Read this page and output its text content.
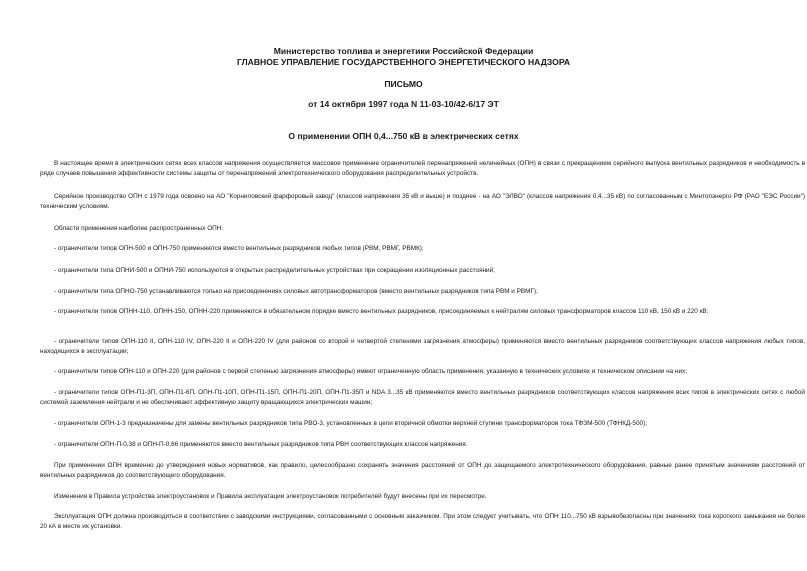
Министерство топлива и энергетики Российской Федерации
ГЛАВНОЕ УПРАВЛЕНИЕ ГОСУДАРСТВЕННОГО ЭНЕРГЕТИЧЕСКОГО НАДЗОРА
ПИСЬМО
от 14 октября 1997 года N 11-03-10/42-6/17 ЭТ
О применении ОПН 0,4...750 кВ в электрических сетях

В настоящее время в электрических сетях всех классов напряжения осуществляется массовое применение ограничителей перенапряжений нелинейных (ОПН) в связи с прекращением серийного выпуска вентильных разрядников и необходимость в ряде случаев повышения эффективности системы защиты от перенапряжений электротехнического оборудования распределительных устройств.

Серийное производство ОПН с 1979 года освоено на АО "Корниловский фарфоровый завод" (классов напряжения 35 кВ и выше) и позднее - на АО "ЭЛВО" (классов напряжения 0,4...35 кВ) по согласованным с Минтопэнерго РФ (РАО "ЕЭС России") техническим условиям.

Области применения наиболее распространенных ОПН:

- ограничители типов ОПН-500 и ОПН-750 применяются вместо вентильных разрядников любых типов (РВМ, РВМГ, РВМК);

- ограничители типа ОПНИ-500 и ОПНИ-750 используются в открытых распределительных устройствах при сокращении изоляционных расстояний;

- ограничители типа ОПНО-750 устанавливаются только на присоединениях силовых автотрансформаторов (вместо вентильных разрядников типа РВМ и РВМГ);

- ограничители типов ОПНН-110, ОПНН-150, ОПНН-220 применяются в обязательном порядке вместо вентильных разрядников, присоединяемых к нейтралям силовых трансформаторов классов 110 кВ, 150 кВ и 220 кВ;

- ограничители типов ОПН-110 II, ОПН-110 IV, ОПН-220 II и ОПН-220 IV (для районов со второй и четвертой степенями загрязнения атмосферы) применяются вместо вентильных разрядников соответствующих классов напряжения любых типов, находящихся в эксплуатации;

- ограничители типов ОПН-110 и ОПН-220 (для районов с первой степенью загрязнения атмосферы) имеют ограниченную область применения, указанную в технических условиях и техническом описании на них;

- ограничители типов ОПН-П1-3П, ОПН-П1-6П, ОПН-П1-10П, ОПН-П1-15П, ОПН-П1-20П, ОПН-П1-35П и NDA 3...35 кВ применяются вместо вентильных разрядников соответствующих классов напряжения всех типов в электрических сетях с любой системой заземления нейтрали и не обеспечивают эффективную защиту вращающихся электрических машин;

- ограничители ОПН-1-3 предназначены для замены вентильных разрядников типа РВО-3, установленных в цепи вторичной обмотки верхней ступени трансформаторов тока ТФЗМ-500 (ТФНКД-500);

- ограничители ОПН-П-0,38 и ОПН-П-0,66 применяются вместо вентильных разрядников типа РВН соответствующих классов напряжения.

При применении ОПН временно до утверждения новых нормативов, как правило, целесообразно сохранять значения расстояний от ОПН до защищаемого электротехнического оборудования, равные ранее принятым значениям расстояний от вентильных разрядников до соответствующего оборудования.

Изменения в Правила устройства электроустановок и Правила эксплуатации электроустановок потребителей будут внесены при их пересмотре.

Эксплуатация ОПН должна производиться в соответствии с заводскими инструкциями, согласованными с основным заказчиком. При этом следует учитывать, что ОПН 110...750 кВ взрывобезопасны при значениях тока короткого замыкания не более 20 кА в месте их установки.
